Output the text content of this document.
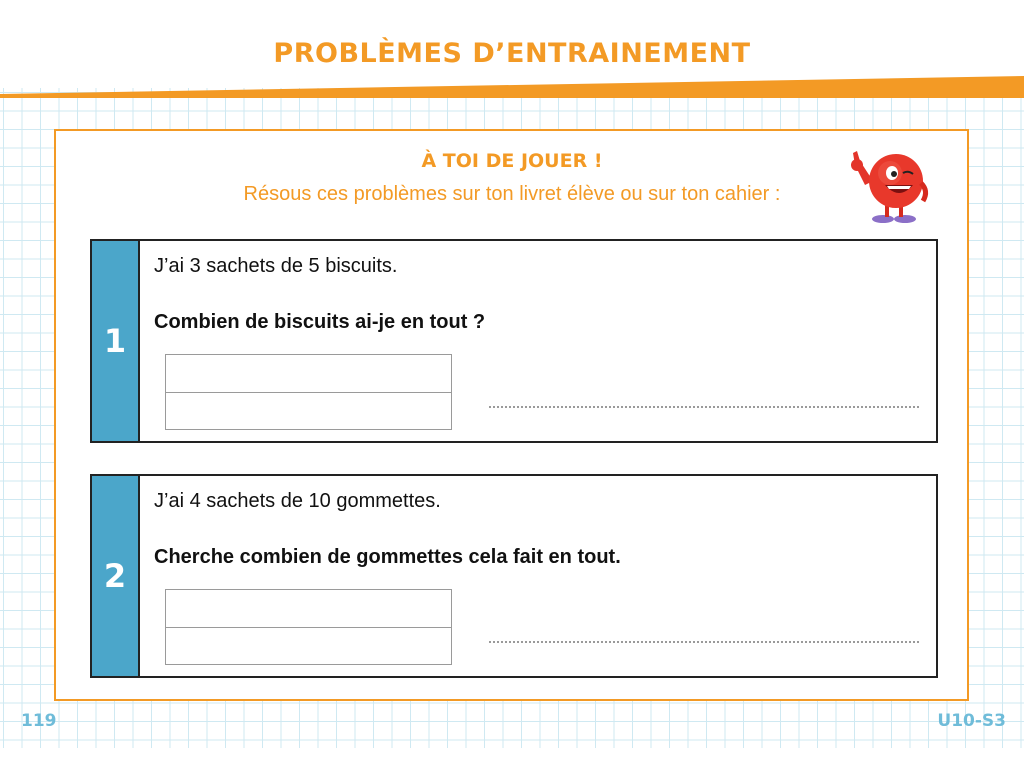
PROBLÈMES D’ENTRAINEMENT
À TOI DE JOUER !
Résous ces problèmes sur ton livret élève ou sur ton cahier :
1
J’ai 3 sachets de 5 biscuits.
Combien de biscuits ai-je en tout ?
2
J’ai 4 sachets de 10 gommettes.
Cherche combien de gommettes cela fait en tout.
119	U10-S3
